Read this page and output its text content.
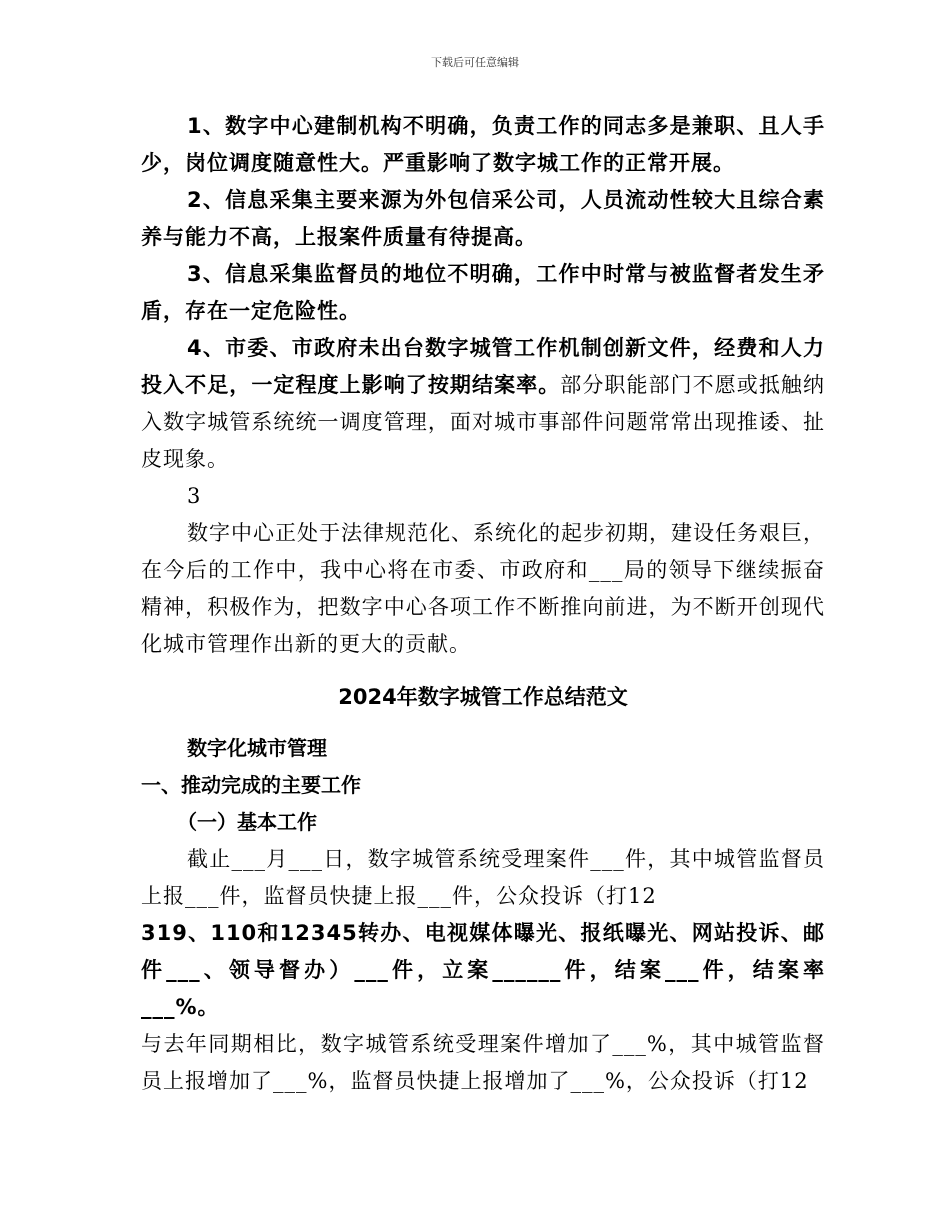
下载后可任意编辑

1、数字中心建制机构不明确，负责工作的同志多是兼职、且人手少，岗位调度随意性大。严重影响了数字城工作的正常开展。

2、信息采集主要来源为外包信采公司，人员流动性较大且综合素养与能力不高，上报案件质量有待提高。

3、信息采集监督员的地位不明确，工作中时常与被监督者发生矛盾，存在一定危险性。

4、市委、市政府未出台数字城管工作机制创新文件，经费和人力投入不足，一定程度上影响了按期结案率。部分职能部门不愿或抵触纳入数字城管系统统一调度管理，面对城市事部件问题常常出现推诿、扯皮现象。

3

数字中心正处于法律规范化、系统化的起步初期，建设任务艰巨，在今后的工作中，我中心将在市委、市政府和___局的领导下继续振奋精神，积极作为，把数字中心各项工作不断推向前进，为不断开创现代化城市管理作出新的更大的贡献。

2024年数字城管工作总结范文

数字化城市管理

一、推动完成的主要工作

（一）基本工作

截止___月___日，数字城管系统受理案件___件，其中城管监督员上报___件，监督员快捷上报___件，公众投诉（打12

319、110和12345转办、电视媒体曝光、报纸曝光、网站投诉、邮件___、领导督办）___件，立案______件，结案___件，结案率___%。

与去年同期相比，数字城管系统受理案件增加了___%，其中城管监督员上报增加了___%，监督员快捷上报增加了___%，公众投诉（打12
